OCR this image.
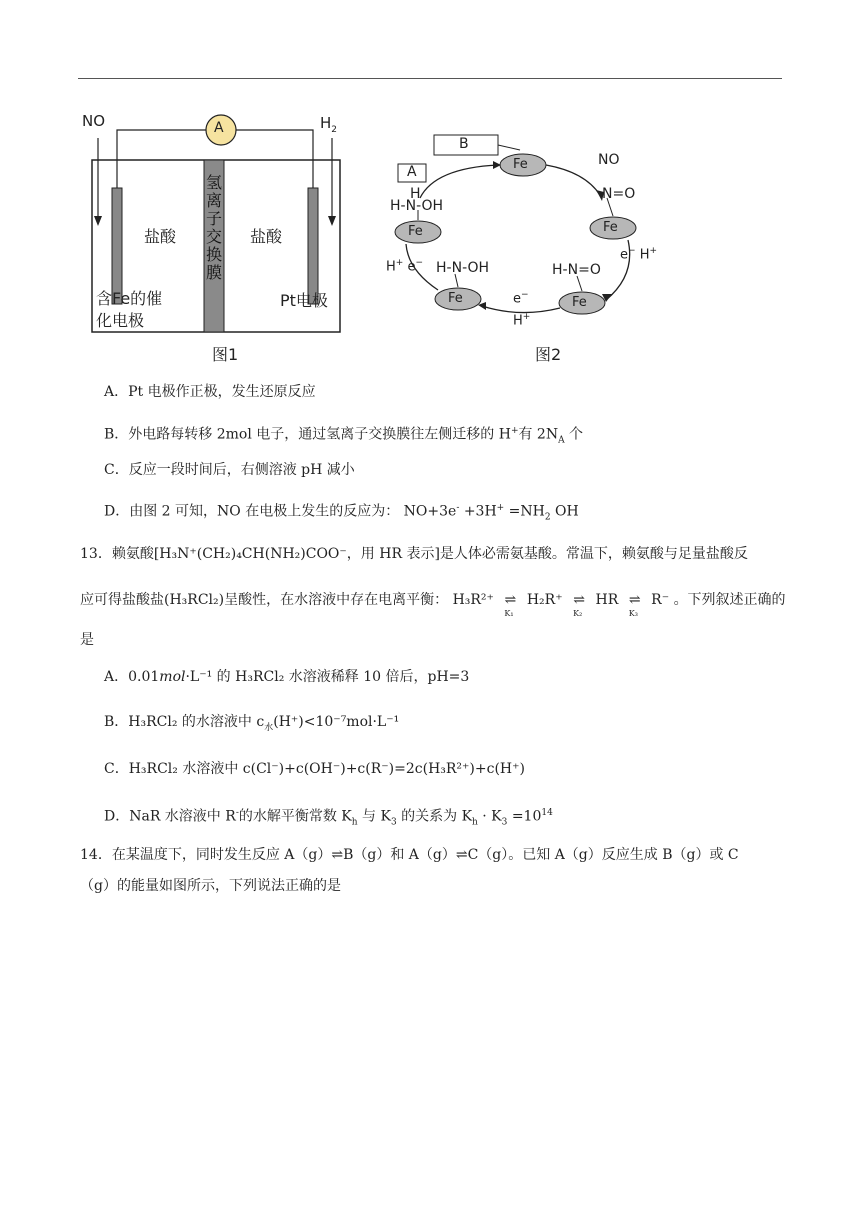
NO	A	$H_2$
氢
离
子
交
换
膜
盐酸	盐酸
含Fe的催
化电极
Pt电极
图1
A
B
Fe
Fe
Fe
Fe
Fe
NO
N=O
H-N=O
H-N-OH
H
H-N-OH
e− H+
e−
H+
H+ e−
图2
A．Pt 电极作正极，发生还原反应
B．外电路每转移 2mol 电子，通过氢离子交换膜往左侧迁移的 H+有 $2N_A$ 个
C．反应一段时间后，右侧溶液 pH 减小
D．由图 2 可知，NO 在电极上发生的反应为： $NO+3e^- +3H^+ =NH_2$ OH
13．赖氨酸[H₃N⁺(CH₂)₄CH(NH₂)COO⁻，用 HR 表示]是人体必需氨基酸。常温下，赖氨酸与足量盐酸反
应可得盐酸盐(H₃RCl₂)呈酸性，在水溶液中存在电离平衡： H₃R²⁺ ⇌
K₁
H₂R⁺ ⇌
K₂
HR ⇌
K₃
R⁻ 。下列叙述正确的
是
A．0.01mol·L⁻¹ 的 H₃RCl₂ 水溶液稀释 10 倍后，pH=3
B．H₃RCl₂ 的水溶液中 $c_水(H^+)<10^{-7}mol\cdot L^{-1}$
C．H₃RCl₂ 水溶液中 c(Cl⁻)+c(OH⁻)+c(R⁻)=2c(H₃R²⁺)+c(H⁺)
D．NaR 水溶液中 R-的水解平衡常数 $K_h$ 与 $K_3$ 的关系为 $K_h \cdot K_3 =10^{14}$
14．在某温度下，同时发生反应 A（g）⇌B（g）和 A（g）⇌C（g）。已知 A（g）反应生成 B（g）或 C
（g）的能量如图所示，下列说法正确的是
